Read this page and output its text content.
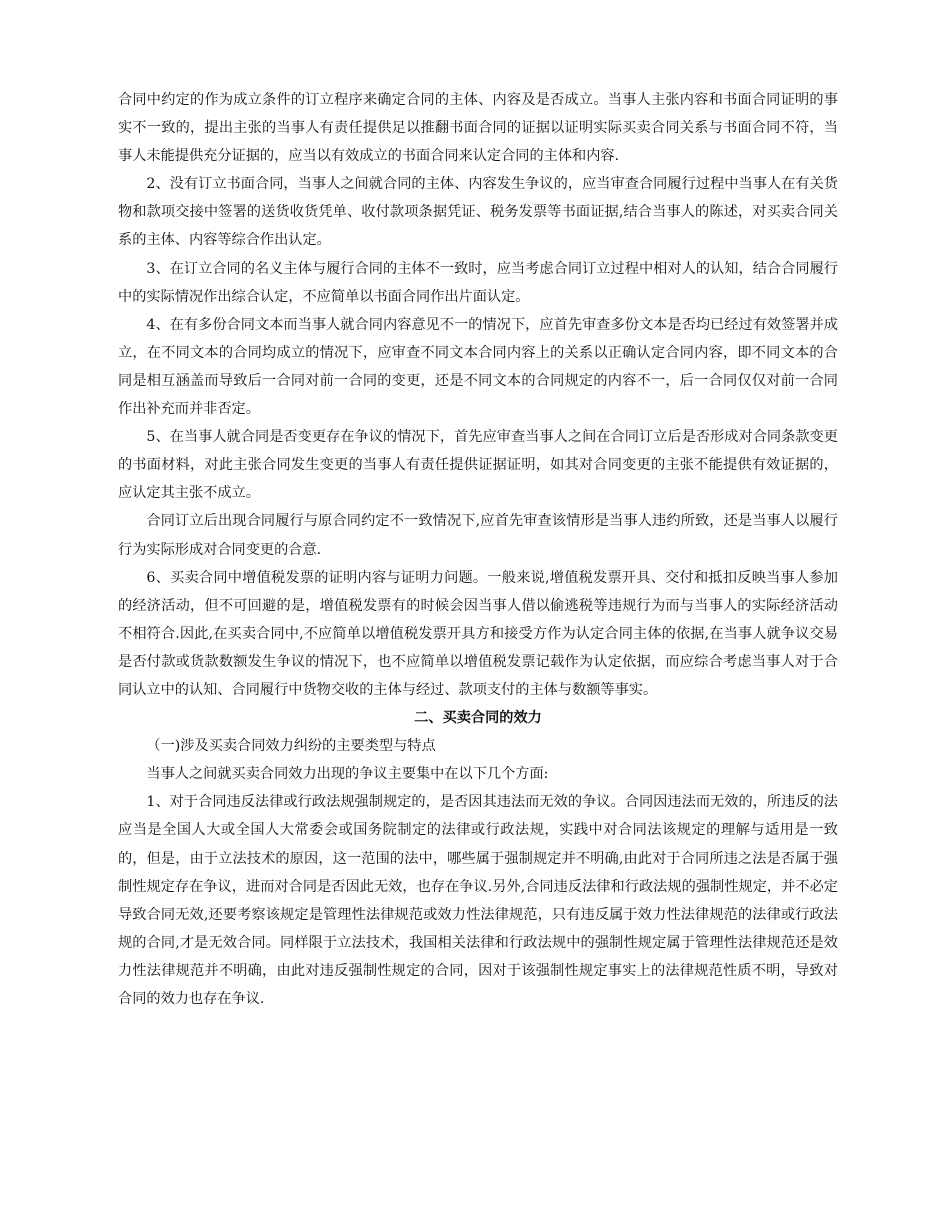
合同中约定的作为成立条件的订立程序来确定合同的主体、内容及是否成立。当事人主张内容和书面合同证明的事实不一致的，提出主张的当事人有责任提供足以推翻书面合同的证据以证明实际买卖合同关系与书面合同不符，当事人未能提供充分证据的，应当以有效成立的书面合同来认定合同的主体和内容.

2、没有订立书面合同，当事人之间就合同的主体、内容发生争议的，应当审查合同履行过程中当事人在有关货物和款项交接中签署的送货收货凭单、收付款项条据凭证、税务发票等书面证据,结合当事人的陈述，对买卖合同关系的主体、内容等综合作出认定。

3、在订立合同的名义主体与履行合同的主体不一致时，应当考虑合同订立过程中相对人的认知，结合合同履行中的实际情况作出综合认定，不应简单以书面合同作出片面认定。

4、在有多份合同文本而当事人就合同内容意见不一的情况下，应首先审查多份文本是否均已经过有效签署并成立，在不同文本的合同均成立的情况下，应审查不同文本合同内容上的关系以正确认定合同内容，即不同文本的合同是相互涵盖而导致后一合同对前一合同的变更，还是不同文本的合同规定的内容不一，后一合同仅仅对前一合同作出补充而并非否定。

5、在当事人就合同是否变更存在争议的情况下，首先应审查当事人之间在合同订立后是否形成对合同条款变更的书面材料，对此主张合同发生变更的当事人有责任提供证据证明，如其对合同变更的主张不能提供有效证据的，应认定其主张不成立。

合同订立后出现合同履行与原合同约定不一致情况下,应首先审查该情形是当事人违约所致，还是当事人以履行行为实际形成对合同变更的合意.

6、买卖合同中增值税发票的证明内容与证明力问题。一般来说,增值税发票开具、交付和抵扣反映当事人参加的经济活动，但不可回避的是，增值税发票有的时候会因当事人借以偷逃税等违规行为而与当事人的实际经济活动不相符合.因此,在买卖合同中,不应简单以增值税发票开具方和接受方作为认定合同主体的依据,在当事人就争议交易是否付款或货款数额发生争议的情况下，也不应简单以增值税发票记载作为认定依据，而应综合考虑当事人对于合同认立中的认知、合同履行中货物交收的主体与经过、款项支付的主体与数额等事实。

二、买卖合同的效力

（一)涉及买卖合同效力纠纷的主要类型与特点

当事人之间就买卖合同效力出现的争议主要集中在以下几个方面:

1、对于合同违反法律或行政法规强制规定的，是否因其违法而无效的争议。合同因违法而无效的，所违反的法应当是全国人大或全国人大常委会或国务院制定的法律或行政法规，实践中对合同法该规定的理解与适用是一致的，但是，由于立法技术的原因，这一范围的法中，哪些属于强制规定并不明确,由此对于合同所违之法是否属于强制性规定存在争议，进而对合同是否因此无效，也存在争议.另外,合同违反法律和行政法规的强制性规定，并不必定导致合同无效,还要考察该规定是管理性法律规范或效力性法律规范，只有违反属于效力性法律规范的法律或行政法规的合同,才是无效合同。同样限于立法技术，我国相关法律和行政法规中的强制性规定属于管理性法律规范还是效力性法律规范并不明确，由此对违反强制性规定的合同，因对于该强制性规定事实上的法律规范性质不明，导致对合同的效力也存在争议.
